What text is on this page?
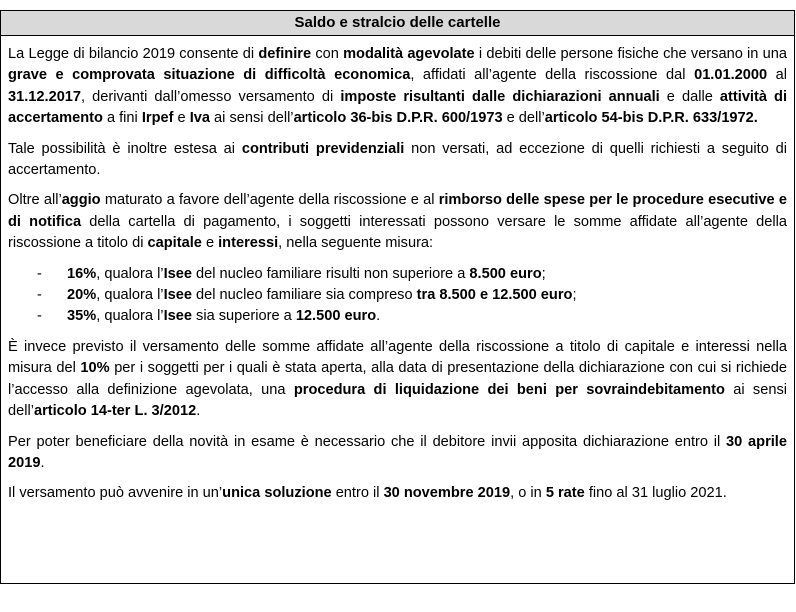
Saldo e stralcio delle cartelle
La Legge di bilancio 2019 consente di definire con modalità agevolate i debiti delle persone fisiche che versano in una grave e comprovata situazione di difficoltà economica, affidati all’agente della riscossione dal 01.01.2000 al 31.12.2017, derivanti dall’omesso versamento di imposte risultanti dalle dichiarazioni annuali e dalle attività di accertamento a fini Irpef e Iva ai sensi dell’articolo 36-bis D.P.R. 600/1973 e dell’articolo 54-bis D.P.R. 633/1972.
Tale possibilità è inoltre estesa ai contributi previdenziali non versati, ad eccezione di quelli richiesti a seguito di accertamento.
Oltre all’aggio maturato a favore dell’agente della riscossione e al rimborso delle spese per le procedure esecutive e di notifica della cartella di pagamento, i soggetti interessati possono versare le somme affidate all’agente della riscossione a titolo di capitale e interessi, nella seguente misura:
- 16%, qualora l’Isee del nucleo familiare risulti non superiore a 8.500 euro;
- 20%, qualora l’Isee del nucleo familiare sia compreso tra 8.500 e 12.500 euro;
- 35%, qualora l’Isee sia superiore a 12.500 euro.
È invece previsto il versamento delle somme affidate all’agente della riscossione a titolo di capitale e interessi nella misura del 10% per i soggetti per i quali è stata aperta, alla data di presentazione della dichiarazione con cui si richiede l’accesso alla definizione agevolata, una procedura di liquidazione dei beni per sovraindebitamento ai sensi dell’articolo 14-ter L. 3/2012.
Per poter beneficiare della novità in esame è necessario che il debitore invii apposita dichiarazione entro il 30 aprile 2019.
Il versamento può avvenire in un’unica soluzione entro il 30 novembre 2019, o in 5 rate fino al 31 luglio 2021.
